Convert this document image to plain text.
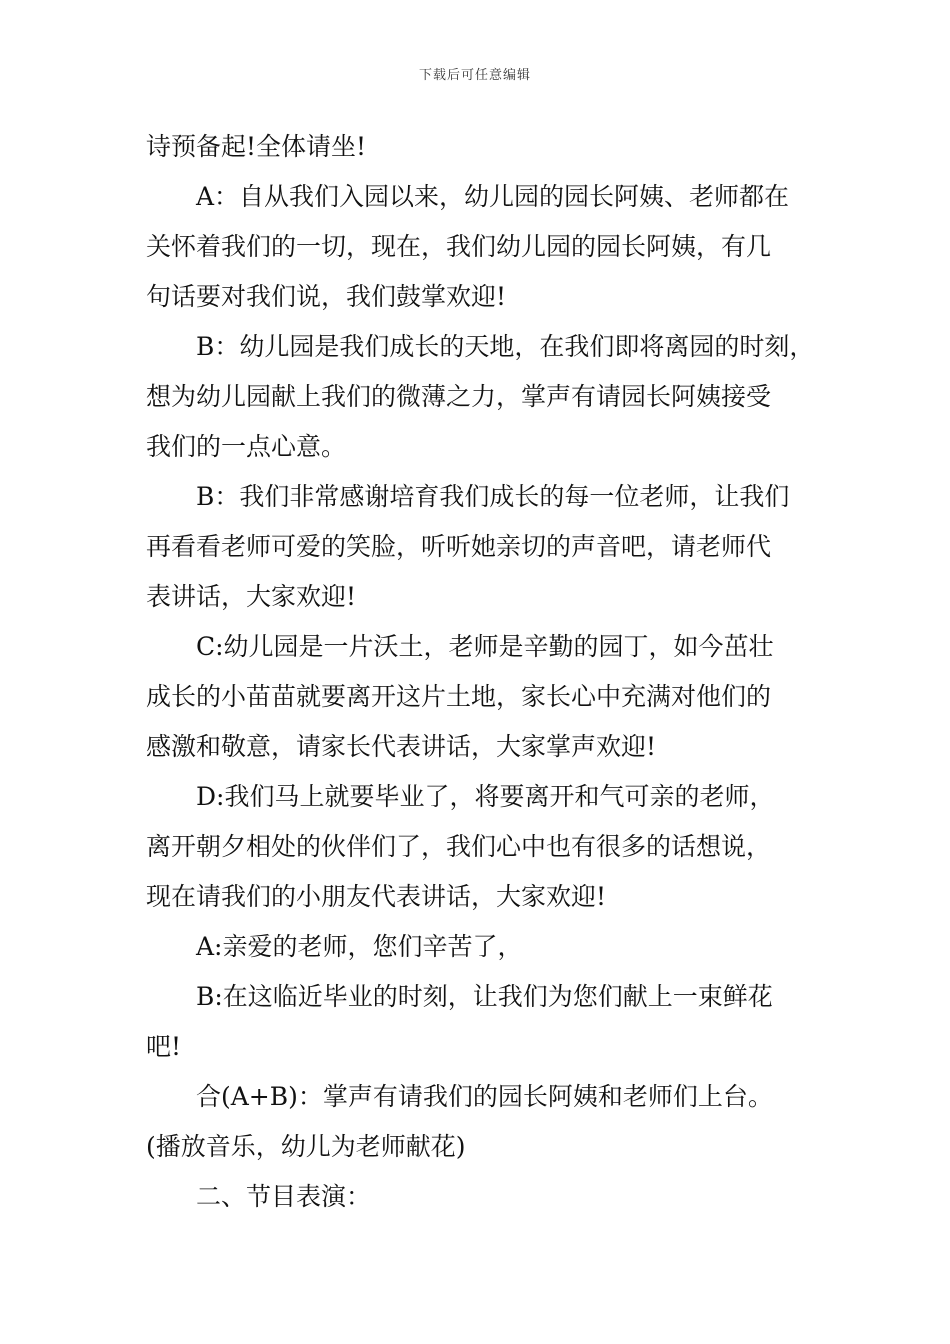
下载后可任意编辑
诗预备起!全体请坐!
A：自从我们入园以来，幼儿园的园长阿姨、老师都在
关怀着我们的一切，现在，我们幼儿园的园长阿姨，有几
句话要对我们说，我们鼓掌欢迎!
B：幼儿园是我们成长的天地，在我们即将离园的时刻，
想为幼儿园献上我们的微薄之力，掌声有请园长阿姨接受
我们的一点心意。
B：我们非常感谢培育我们成长的每一位老师，让我们
再看看老师可爱的笑脸，听听她亲切的声音吧，请老师代
表讲话，大家欢迎!
C:幼儿园是一片沃土，老师是辛勤的园丁，如今茁壮
成长的小苗苗就要离开这片土地，家长心中充满对他们的
感激和敬意，请家长代表讲话，大家掌声欢迎!
D:我们马上就要毕业了，将要离开和气可亲的老师，
离开朝夕相处的伙伴们了，我们心中也有很多的话想说，
现在请我们的小朋友代表讲话，大家欢迎!
A:亲爱的老师，您们辛苦了，
B:在这临近毕业的时刻，让我们为您们献上一束鲜花
吧!
合(A+B)：掌声有请我们的园长阿姨和老师们上台。
(播放音乐，幼儿为老师献花)
二、节目表演：
